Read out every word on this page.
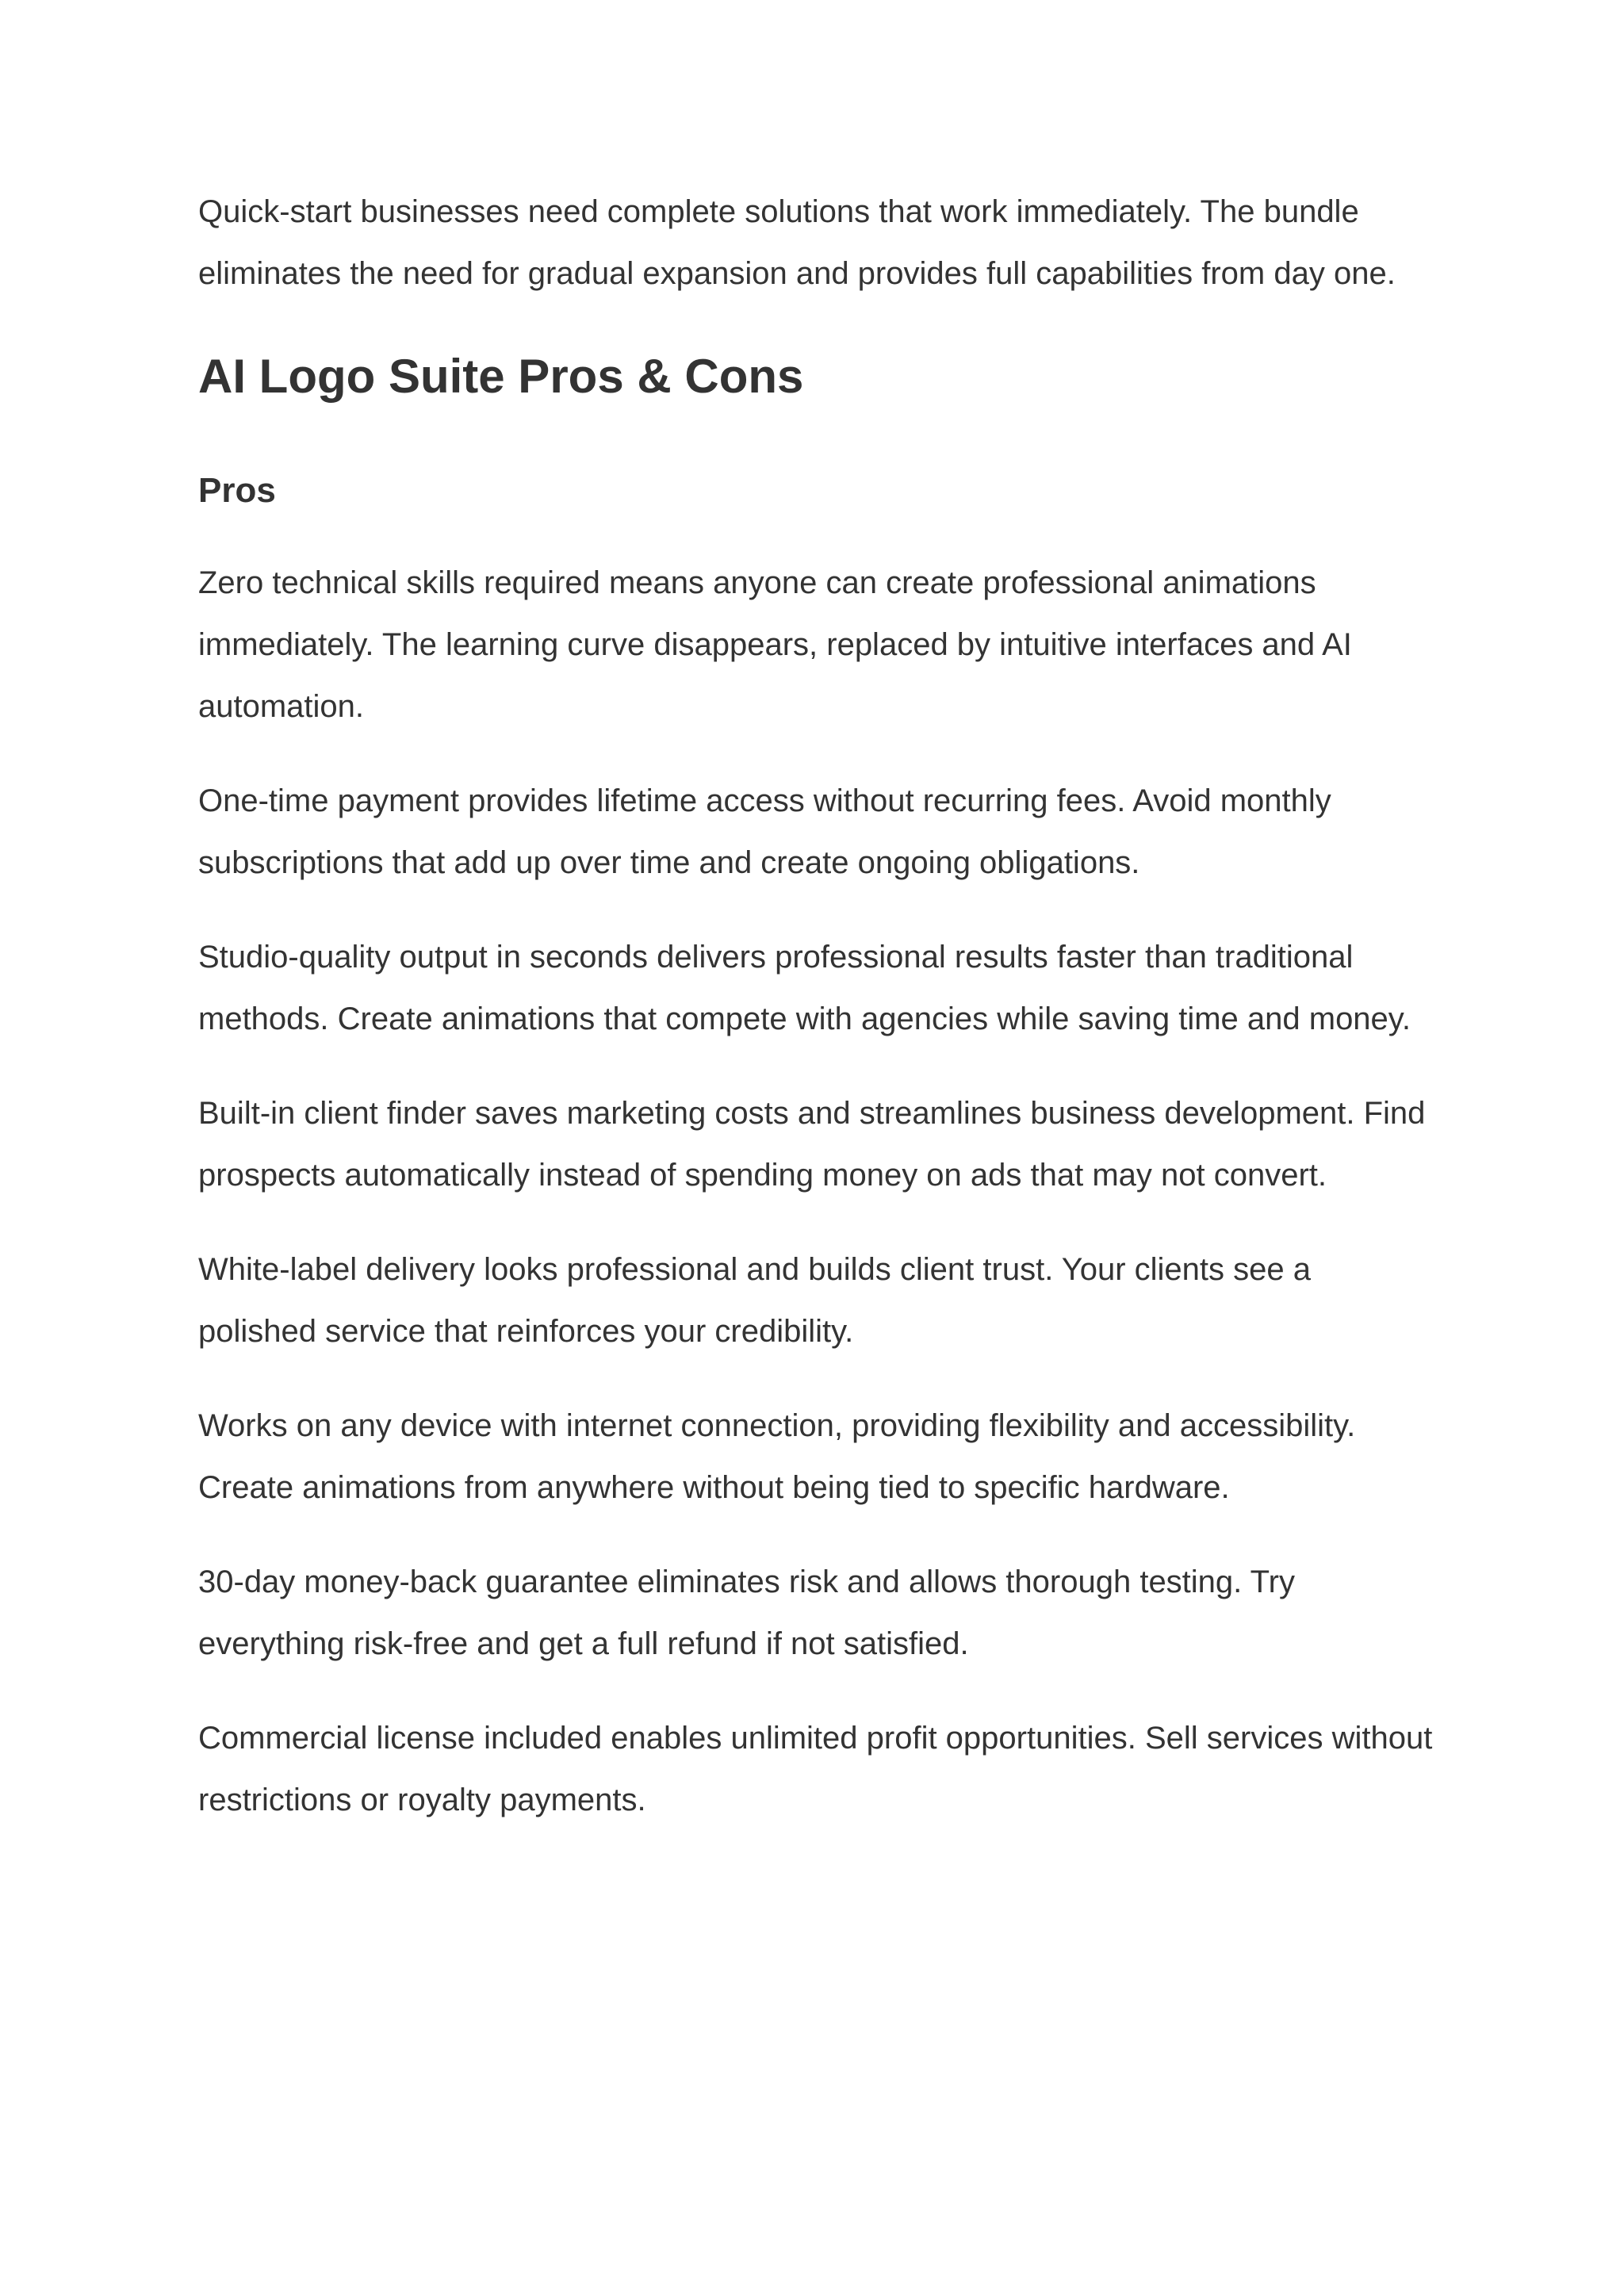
Quick-start businesses need complete solutions that work immediately. The bundle eliminates the need for gradual expansion and provides full capabilities from day one.

AI Logo Suite Pros & Cons
Pros

Zero technical skills required means anyone can create professional animations immediately. The learning curve disappears, replaced by intuitive interfaces and AI automation.

One-time payment provides lifetime access without recurring fees. Avoid monthly subscriptions that add up over time and create ongoing obligations.

Studio-quality output in seconds delivers professional results faster than traditional methods. Create animations that compete with agencies while saving time and money.

Built-in client finder saves marketing costs and streamlines business development. Find prospects automatically instead of spending money on ads that may not convert.

White-label delivery looks professional and builds client trust. Your clients see a polished service that reinforces your credibility.

Works on any device with internet connection, providing flexibility and accessibility. Create animations from anywhere without being tied to specific hardware.

30-day money-back guarantee eliminates risk and allows thorough testing. Try everything risk-free and get a full refund if not satisfied.

Commercial license included enables unlimited profit opportunities. Sell services without restrictions or royalty payments.
